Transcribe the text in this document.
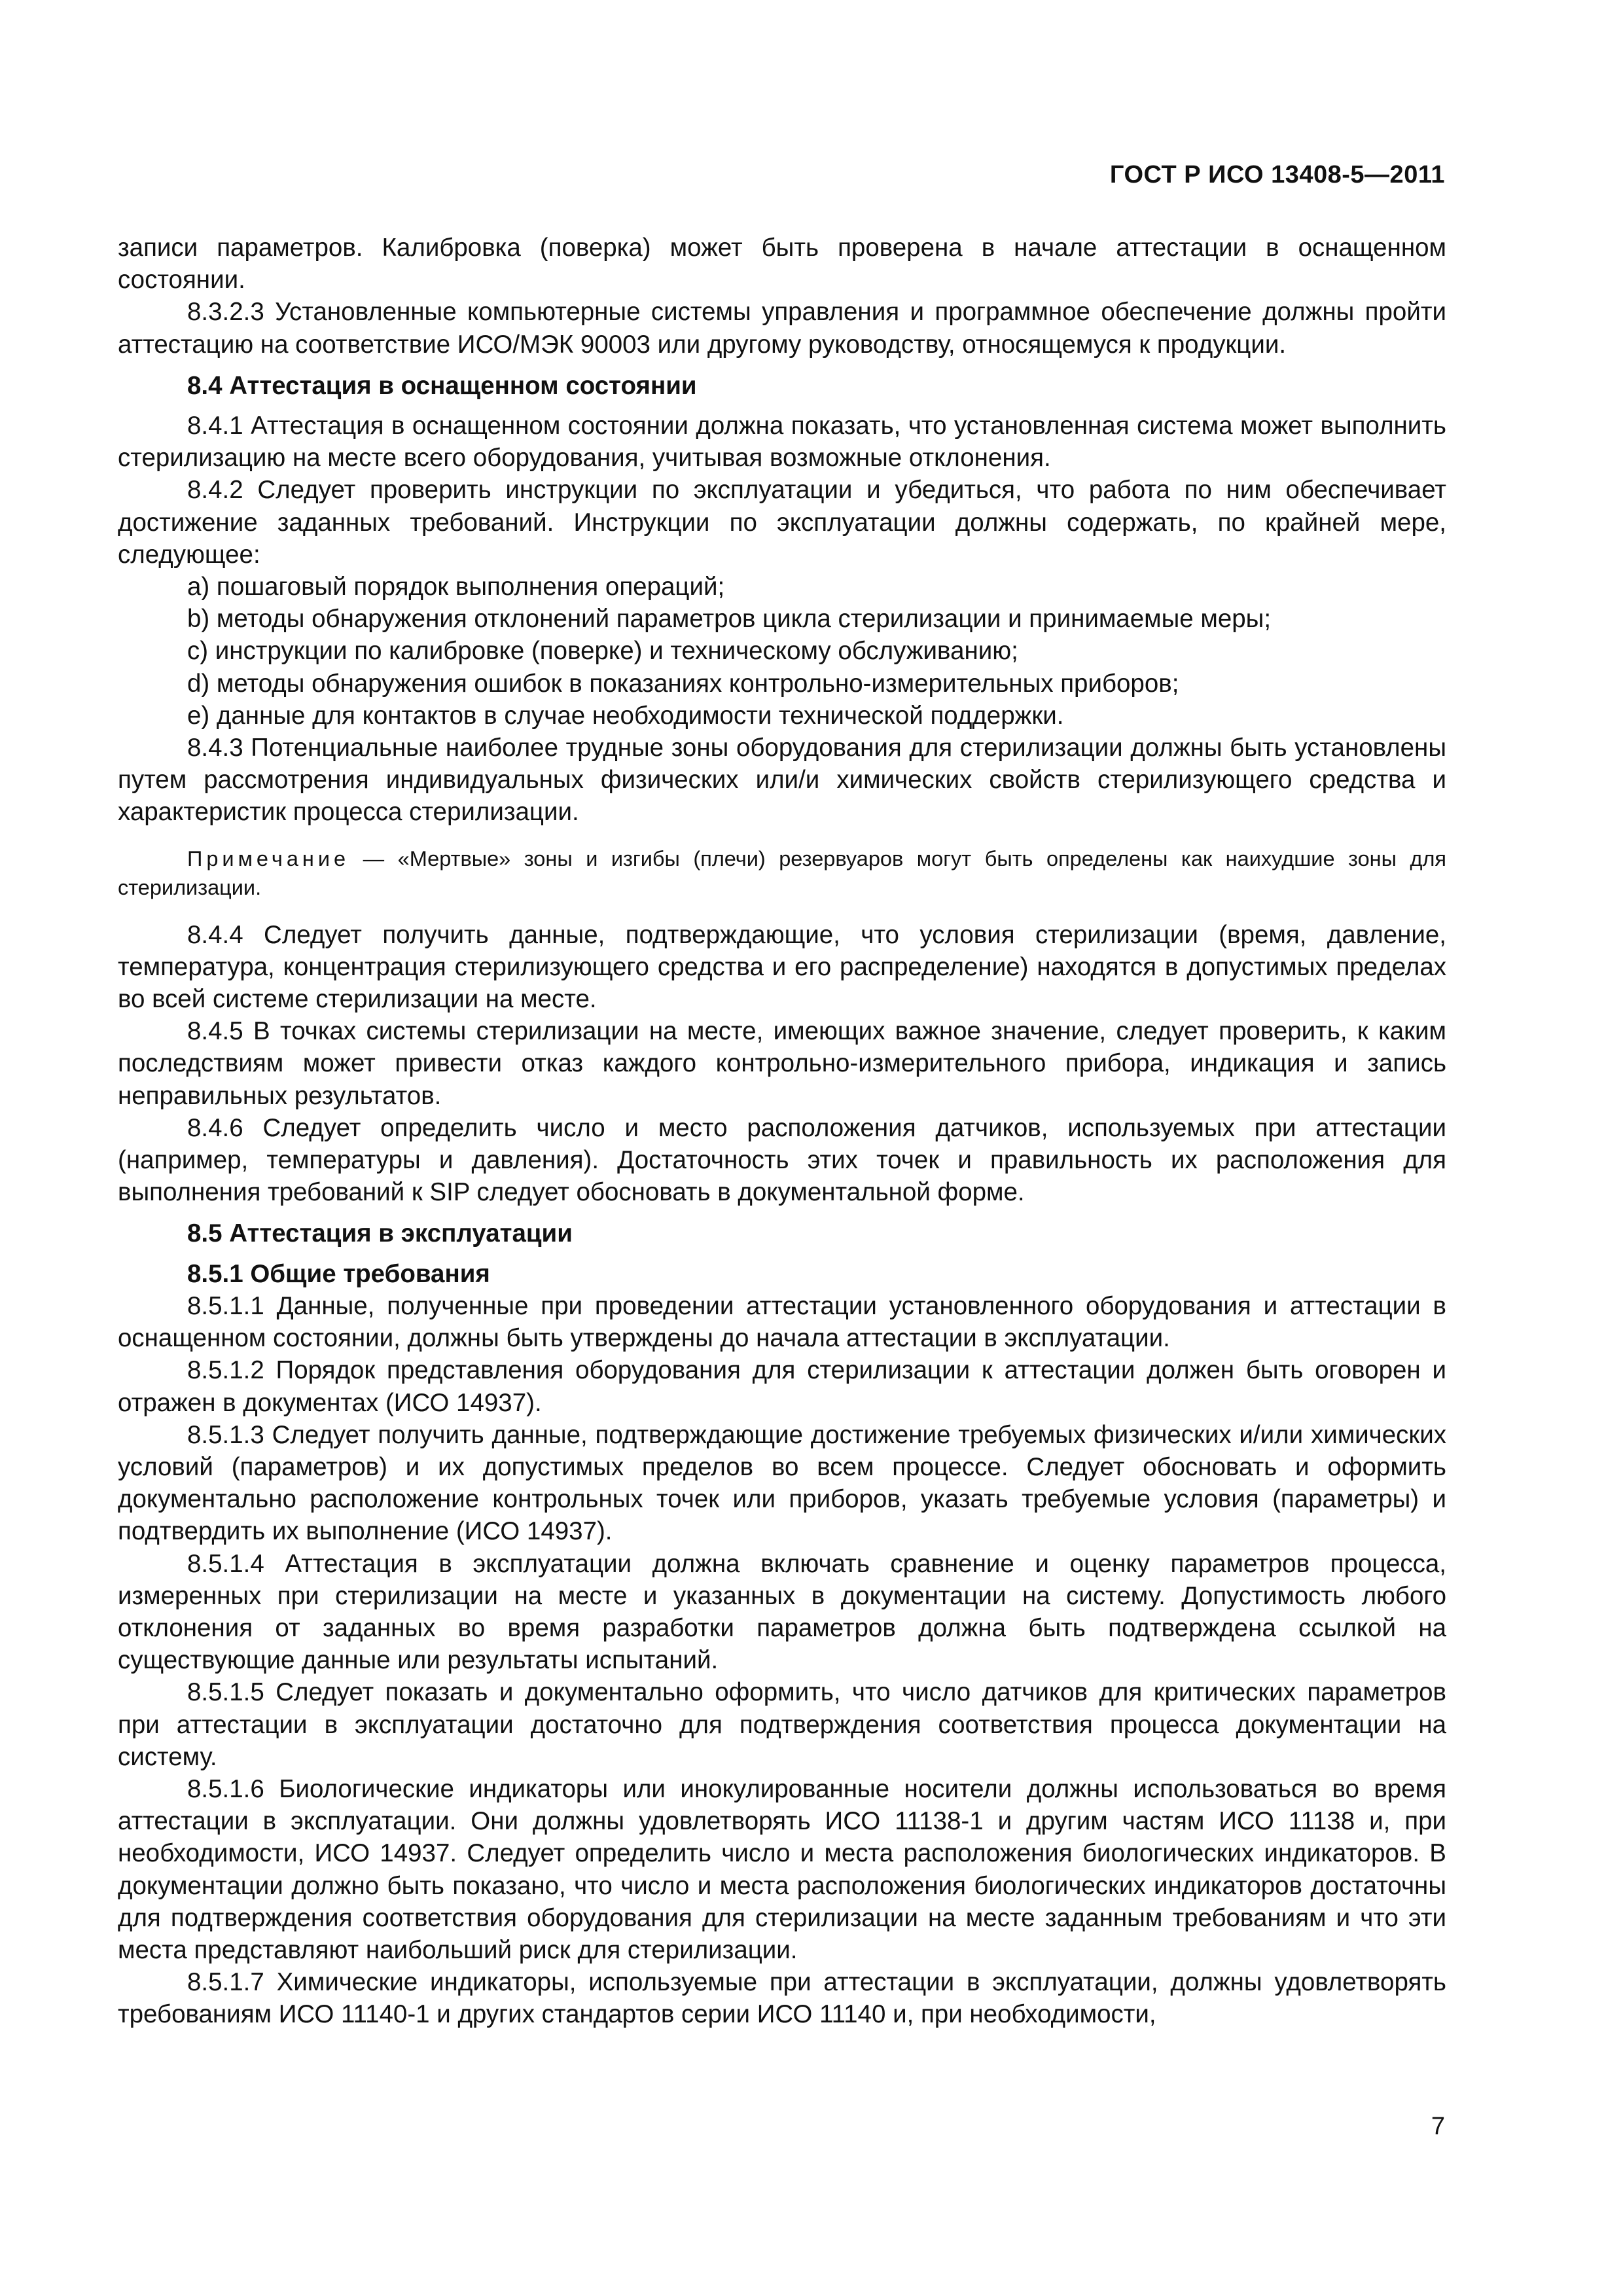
ГОСТ Р ИСО 13408-5—2011

записи параметров. Калибровка (поверка) может быть проверена в начале аттестации в оснащенном состоянии.

8.3.2.3 Установленные компьютерные системы управления и программное обеспечение должны пройти аттестацию на соответствие ИСО/МЭК 90003 или другому руководству, относящемуся к продукции.

8.4 Аттестация в оснащенном состоянии

8.4.1 Аттестация в оснащенном состоянии должна показать, что установленная система может выполнить стерилизацию на месте всего оборудования, учитывая возможные отклонения.

8.4.2 Следует проверить инструкции по эксплуатации и убедиться, что работа по ним обеспечивает достижение заданных требований. Инструкции по эксплуатации должны содержать, по крайней мере, следующее:

a) пошаговый порядок выполнения операций;

b) методы обнаружения отклонений параметров цикла стерилизации и принимаемые меры;

c) инструкции по калибровке (поверке) и техническому обслуживанию;

d) методы обнаружения ошибок в показаниях контрольно-измерительных приборов;

e) данные для контактов в случае необходимости технической поддержки.

8.4.3 Потенциальные наиболее трудные зоны оборудования для стерилизации должны быть установлены путем рассмотрения индивидуальных физических или/и химических свойств стерилизующего средства и характеристик процесса стерилизации.

Примечание — «Мертвые» зоны и изгибы (плечи) резервуаров могут быть определены как наихудшие зоны для стерилизации.

8.4.4 Следует получить данные, подтверждающие, что условия стерилизации (время, давление, температура, концентрация стерилизующего средства и его распределение) находятся в допустимых пределах во всей системе стерилизации на месте.

8.4.5 В точках системы стерилизации на месте, имеющих важное значение, следует проверить, к каким последствиям может привести отказ каждого контрольно-измерительного прибора, индикация и запись неправильных результатов.

8.4.6 Следует определить число и место расположения датчиков, используемых при аттестации (например, температуры и давления). Достаточность этих точек и правильность их расположения для выполнения требований к SIP следует обосновать в документальной форме.

8.5 Аттестация в эксплуатации

8.5.1 Общие требования

8.5.1.1 Данные, полученные при проведении аттестации установленного оборудования и аттестации в оснащенном состоянии, должны быть утверждены до начала аттестации в эксплуатации.

8.5.1.2 Порядок представления оборудования для стерилизации к аттестации должен быть оговорен и отражен в документах (ИСО 14937).

8.5.1.3 Следует получить данные, подтверждающие достижение требуемых физических и/или химических условий (параметров) и их допустимых пределов во всем процессе. Следует обосновать и оформить документально расположение контрольных точек или приборов, указать требуемые условия (параметры) и подтвердить их выполнение (ИСО 14937).

8.5.1.4 Аттестация в эксплуатации должна включать сравнение и оценку параметров процесса, измеренных при стерилизации на месте и указанных в документации на систему. Допустимость любого отклонения от заданных во время разработки параметров должна быть подтверждена ссылкой на существующие данные или результаты испытаний.

8.5.1.5 Следует показать и документально оформить, что число датчиков для критических параметров при аттестации в эксплуатации достаточно для подтверждения соответствия процесса документации на систему.

8.5.1.6 Биологические индикаторы или инокулированные носители должны использоваться во время аттестации в эксплуатации. Они должны удовлетворять ИСО 11138-1 и другим частям ИСО 11138 и, при необходимости, ИСО 14937. Следует определить число и места расположения биологических индикаторов. В документации должно быть показано, что число и места расположения биологических индикаторов достаточны для подтверждения соответствия оборудования для стерилизации на месте заданным требованиям и что эти места представляют наибольший риск для стерилизации.

8.5.1.7 Химические индикаторы, используемые при аттестации в эксплуатации, должны удовлетворять требованиям ИСО 11140-1 и других стандартов серии ИСО 11140 и, при необходимости,

7
